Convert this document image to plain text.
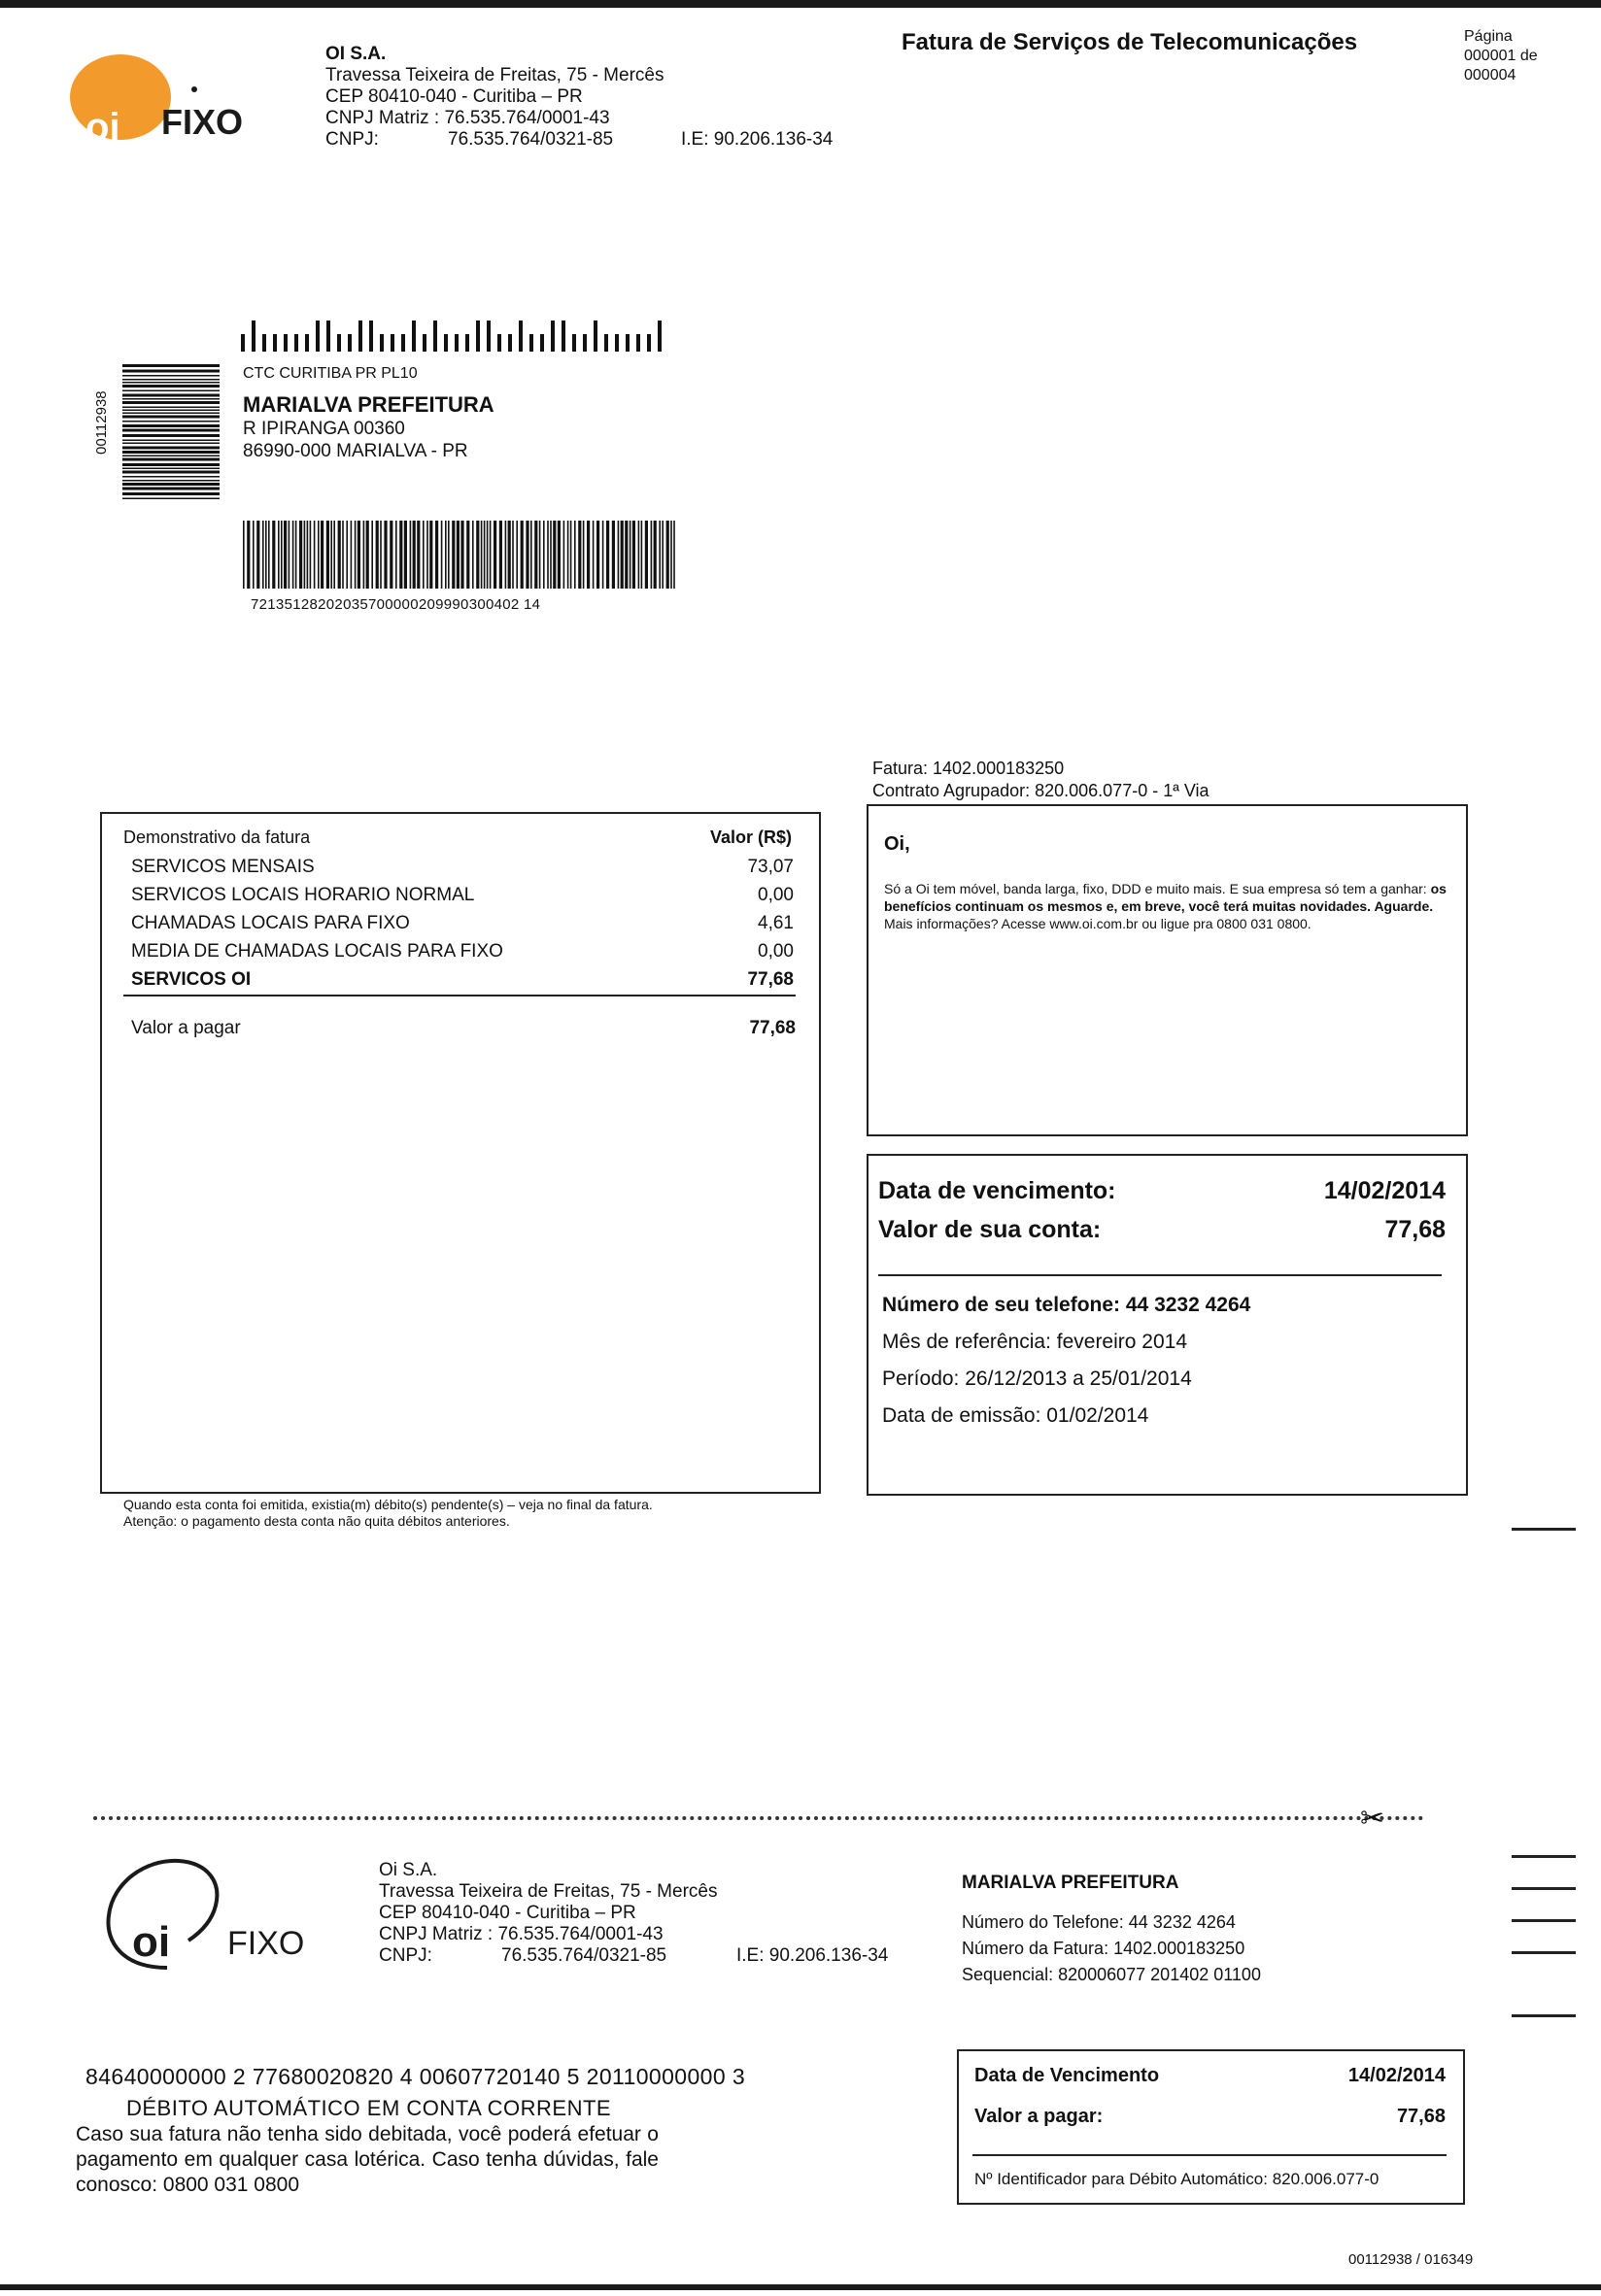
oi FIXO
OI S.A.
Travessa Teixeira de Freitas, 75 - Mercês
CEP 80410-040 - Curitiba – PR
CNPJ Matriz : 76.535.764/0001-43
CNPJ:	76.535.764/0321-85	I.E: 90.206.136-34
Fatura de Serviços de Telecomunicações	Página
000001 de
000004
00112938
CTC CURITIBA PR PL10
MARIALVA PREFEITURA
R IPIRANGA 00360
86990-000 MARIALVA - PR
72135128202035700000209990300402 14
Fatura: 1402.000183250
Contrato Agrupador: 820.006.077-0 - 1ª Via
Demonstrativo da fatura	Valor (R$)
SERVICOS MENSAIS	73,07
SERVICOS LOCAIS HORARIO NORMAL	0,00
CHAMADAS LOCAIS PARA FIXO	4,61
MEDIA DE CHAMADAS LOCAIS PARA FIXO	0,00
SERVICOS OI	77,68
Valor a pagar	77,68
Quando esta conta foi emitida, existia(m) débito(s) pendente(s) – veja no final da fatura.
Atenção: o pagamento desta conta não quita débitos anteriores.
Oi,
Só a Oi tem móvel, banda larga, fixo, DDD e muito mais. E sua empresa só tem a ganhar: os benefícios continuam os mesmos e, em breve, você terá muitas novidades. Aguarde.
Mais informações? Acesse www.oi.com.br ou ligue pra 0800 031 0800.
Data de vencimento:	14/02/2014
Valor de sua conta:	77,68
Número de seu telefone: 44 3232 4264
Mês de referência: fevereiro 2014
Período: 26/12/2013 a 25/01/2014
Data de emissão: 01/02/2014
✂
oi FIXO
Oi S.A.
Travessa Teixeira de Freitas, 75 - Mercês
CEP 80410-040 - Curitiba – PR
CNPJ Matriz : 76.535.764/0001-43
CNPJ:	76.535.764/0321-85	I.E: 90.206.136-34
MARIALVA PREFEITURA
Número do Telefone: 44 3232 4264
Número da Fatura: 1402.000183250
Sequencial: 820006077 201402 01100
84640000000 2 77680020820 4 00607720140 5 20110000000 3
DÉBITO AUTOMÁTICO EM CONTA CORRENTE
Caso sua fatura não tenha sido debitada, você poderá efetuar o pagamento em qualquer casa lotérica. Caso tenha dúvidas, fale conosco: 0800 031 0800
Data de Vencimento	14/02/2014
Valor a pagar:	77,68
Nº Identificador para Débito Automático: 820.006.077-0
00112938 / 016349
